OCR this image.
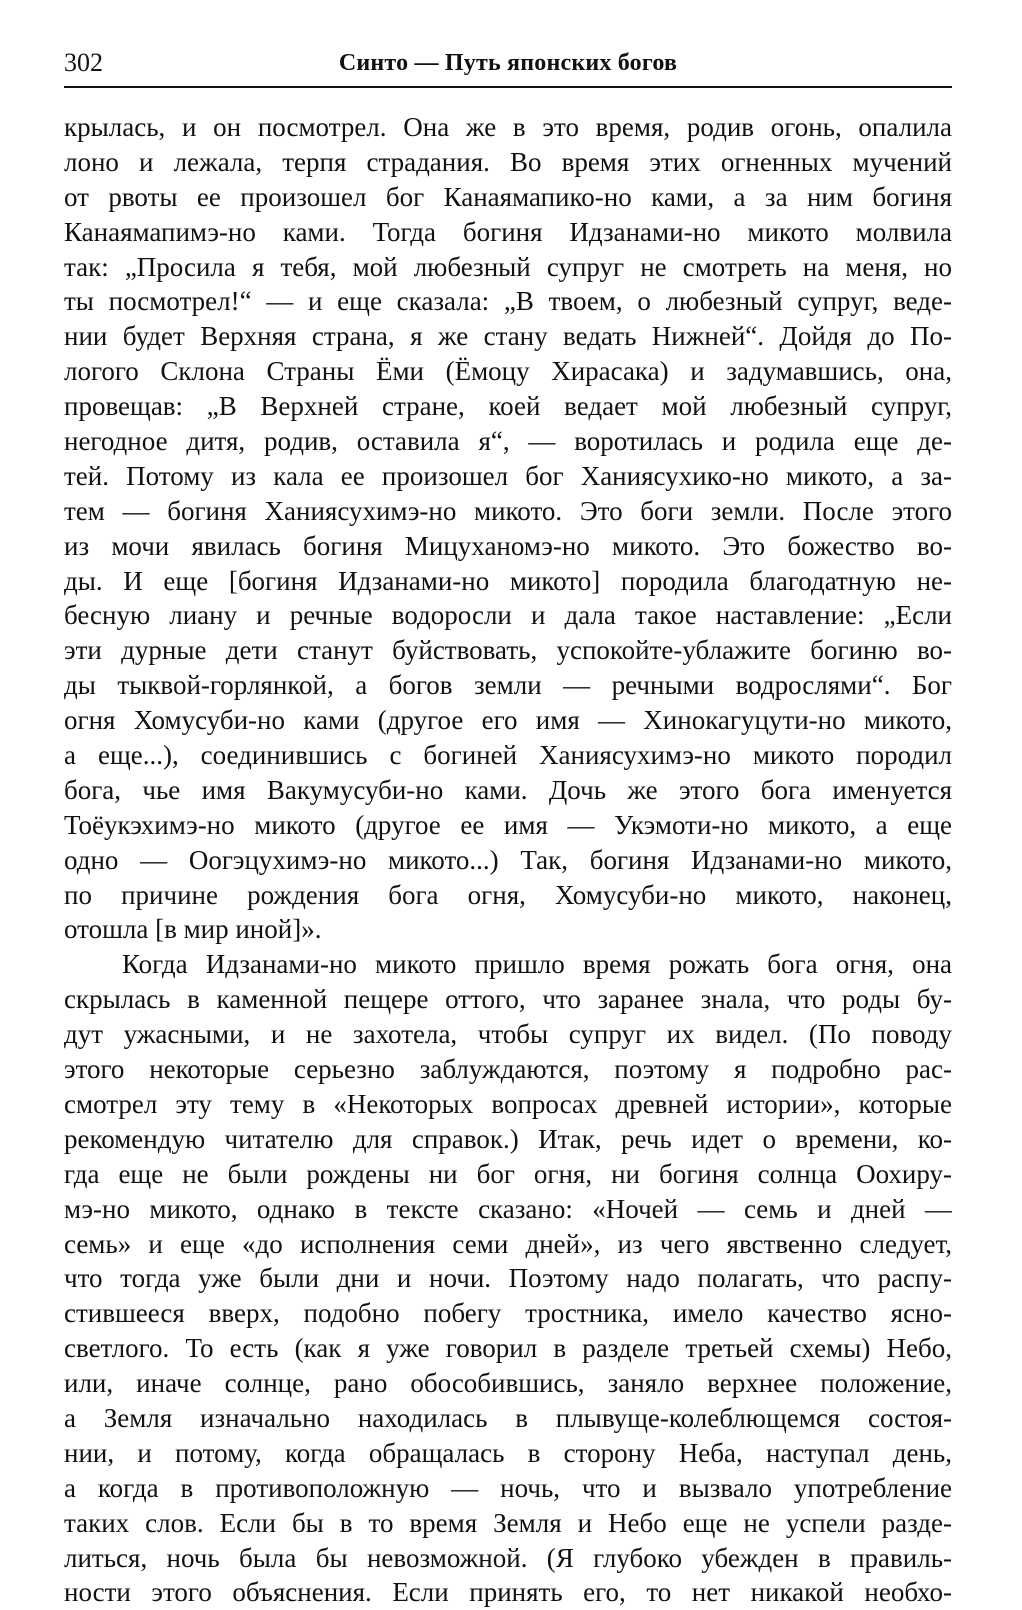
302	Синто — Путь японских богов
крылась, и он посмотрел. Она же в это время, родив огонь, опалила
лоно и лежала, терпя страдания. Во время этих огненных мучений
от рвоты ее произошел бог Канаямапико-но ками, а за ним богиня
Канаямапимэ-но ками. Тогда богиня Идзанами-но микото молвила
так: „Просила я тебя, мой любезный супруг не смотреть на меня, но
ты посмотрел!“ — и еще сказала: „В твоем, о любезный супруг, веде-
нии будет Верхняя страна, я же стану ведать Нижней“. Дойдя до По-
логого Склона Страны Ёми (Ёмоцу Хирасака) и задумавшись, она,
провещав: „В Верхней стране, коей ведает мой любезный супруг,
негодное дитя, родив, оставила я“, — воротилась и родила еще де-
тей. Потому из кала ее произошел бог Ханиясухико-но микото, а за-
тем — богиня Ханиясухимэ-но микото. Это боги земли. После этого
из мочи явилась богиня Мицуханомэ-но микото. Это божество во-
ды. И еще [богиня Идзанами-но микото] породила благодатную не-
бесную лиану и речные водоросли и дала такое наставление: „Если
эти дурные дети станут буйствовать, успокойте-ублажите богиню во-
ды тыквой-горлянкой, а богов земли — речными водрослями“. Бог
огня Хомусуби-но ками (другое его имя — Хинокагуцути-но микото,
а еще...), соединившись с богиней Ханиясухимэ-но микото породил
бога, чье имя Вакумусуби-но ками. Дочь же этого бога именуется
Тоёукэхимэ-но микото (другое ее имя — Укэмоти-но микото, а еще
одно — Оогэцухимэ-но микото...) Так, богиня Идзанами-но микото,
по причине рождения бога огня, Хомусуби-но микото, наконец,
отошла [в мир иной]».
Когда Идзанами-но микото пришло время рожать бога огня, она
скрылась в каменной пещере оттого, что заранее знала, что роды бу-
дут ужасными, и не захотела, чтобы супруг их видел. (По поводу
этого некоторые серьезно заблуждаются, поэтому я подробно рас-
смотрел эту тему в «Некоторых вопросах древней истории», которые
рекомендую читателю для справок.) Итак, речь идет о времени, ко-
гда еще не были рождены ни бог огня, ни богиня солнца Оохиру-
мэ-но микото, однако в тексте сказано: «Ночей — семь и дней —
семь» и еще «до исполнения семи дней», из чего явственно следует,
что тогда уже были дни и ночи. Поэтому надо полагать, что распу-
стившееся вверх, подобно побегу тростника, имело качество ясно-
светлого. То есть (как я уже говорил в разделе третьей схемы) Небо,
или, иначе солнце, рано обособившись, заняло верхнее положение,
а Земля изначально находилась в плывуще-колеблющемся состоя-
нии, и потому, когда обращалась в сторону Неба, наступал день,
а когда в противоположную — ночь, что и вызвало употребление
таких слов. Если бы в то время Земля и Небо еще не успели разде-
литься, ночь была бы невозможной. (Я глубоко убежден в правиль-
ности этого объяснения. Если принять его, то нет никакой необхо-
